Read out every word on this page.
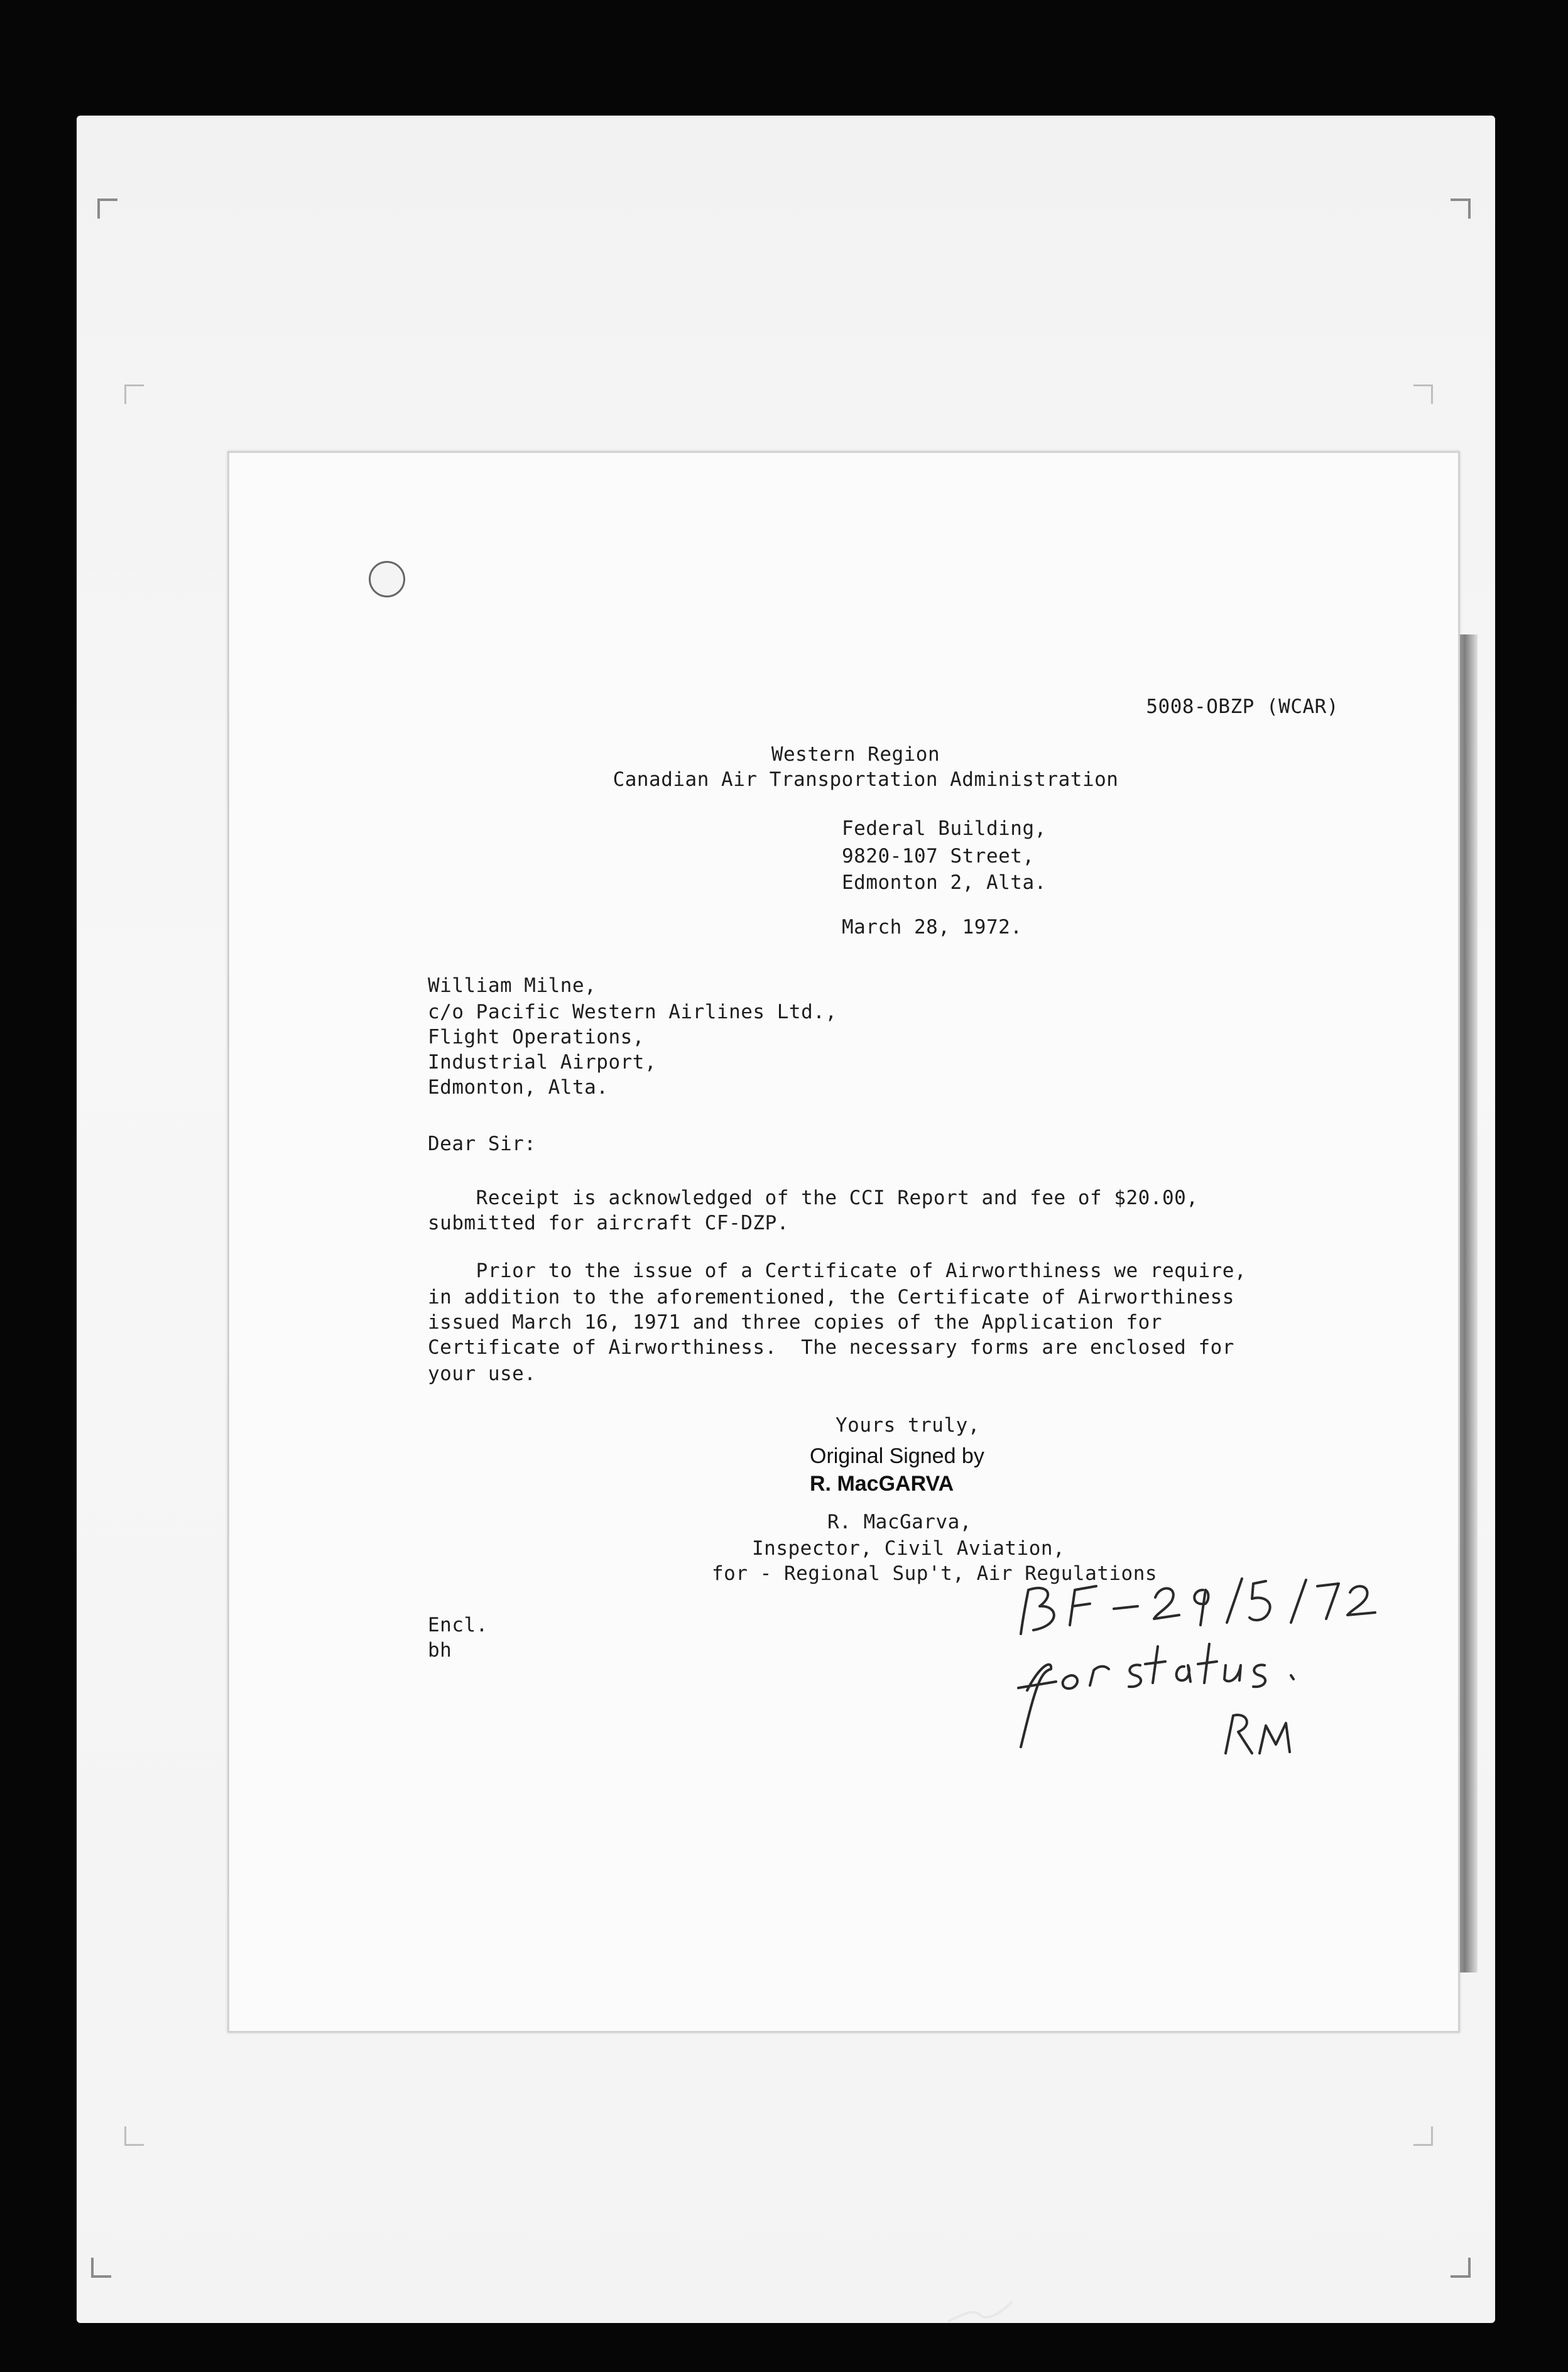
5008-OBZP (WCAR)
Western Region
Canadian Air Transportation Administration
Federal Building,
9820-107 Street,
Edmonton 2, Alta.
March 28, 1972.
William Milne,
c/o Pacific Western Airlines Ltd.,
Flight Operations,
Industrial Airport,
Edmonton, Alta.
Dear Sir:
Receipt is acknowledged of the CCI Report and fee of $20.00,
submitted for aircraft CF-DZP.
Prior to the issue of a Certificate of Airworthiness we require,
in addition to the aforementioned, the Certificate of Airworthiness
issued March 16, 1971 and three copies of the Application for
Certificate of Airworthiness.  The necessary forms are enclosed for
your use.
Yours truly,
Original Signed by
R. MacGARVA
R. MacGarva,
Inspector, Civil Aviation,
for - Regional Sup't, Air Regulations
Encl.
bh
